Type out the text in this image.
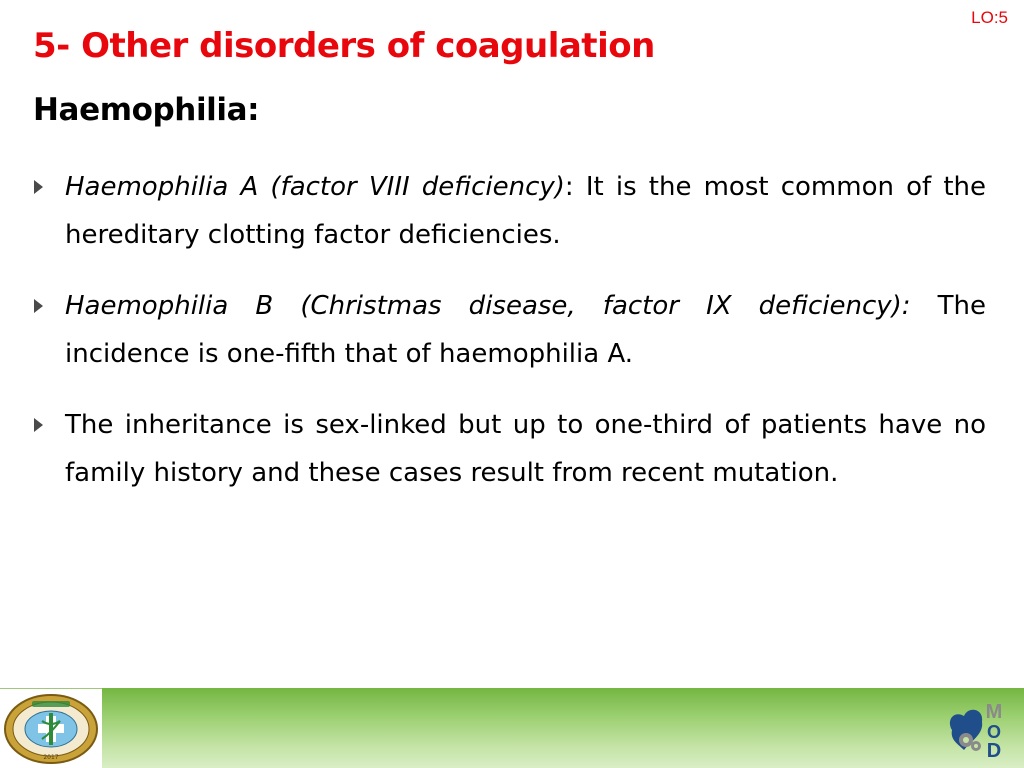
LO:5
5- Other disorders of coagulation
Haemophilia:
Haemophilia A (factor VIII deficiency): It is the most common of the hereditary clotting factor deficiencies.
Haemophilia B (Christmas disease, factor IX deficiency): The incidence is one-fifth that of haemophilia A.
The inheritance is sex-linked but up to one-third of patients have no family history and these cases result from recent mutation.
2017
M
O
D
